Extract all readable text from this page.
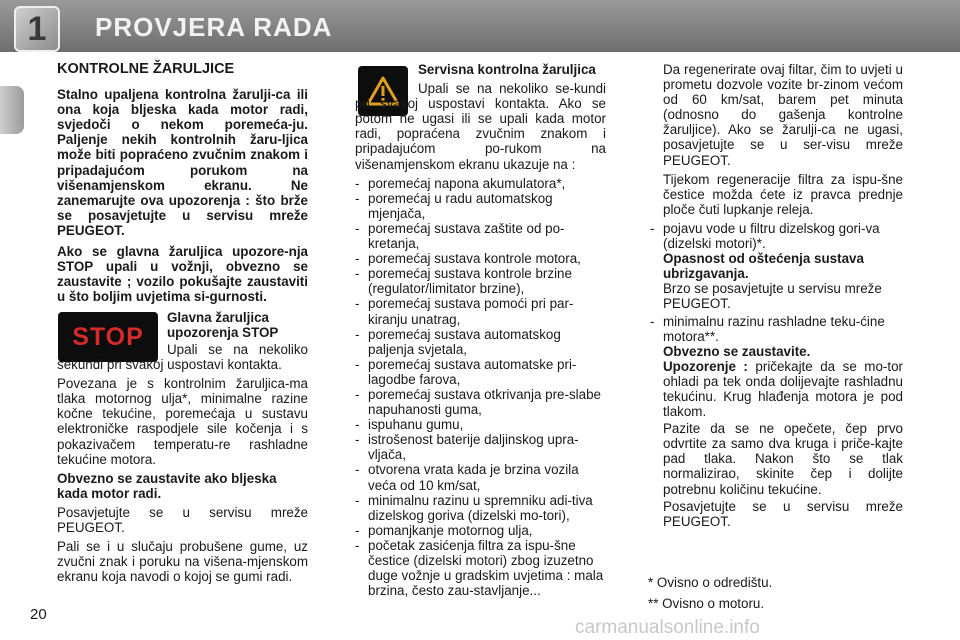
1	PROVJERA RADA
KONTROLNE ŽARULJICE

Stalno upaljena kontrolna žarulji-ca ili ona koja bljeska kada motor radi, svjedoči o nekom poremeća-ju. Paljenje nekih kontrolnih žaru-ljica može biti popraćeno zvučnim znakom i pripadajućom porukom na višenamjenskom ekranu. Ne zanemarujte ova upozorenja : što brže se posavjetujte u servisu mreže PEUGEOT.

Ako se glavna žaruljica upozore-nja STOP upali u vožnji, obvezno se zaustavite ; vozilo pokušajte zaustaviti u što boljim uvjetima si-gurnosti.

STOP

Glavna žaruljica upozorenja STOP

Upali se na nekoliko sekundi pri svakoj uspostavi kontakta.

Povezana je s kontrolnim žaruljica-ma tlaka motornog ulja*, minimalne razine kočne tekućine, poremećaja u sustavu elektroničke raspodjele sile kočenja i s pokazivačem temperatu-re rashladne tekućine motora.

Obvezno se zaustavite ako bljeska kada motor radi.

Posavjetujte se u servisu mreže PEUGEOT.

Pali se i u slučaju probušene gume, uz zvučni znak i poruku na višena-mjenskom ekranu koja navodi o kojoj se gumi radi.

Servisna kontrolna žaruljica

Upali se na nekoliko se-kundi pri svakoj uspostavi kontakta. Ako se potom ne ugasi ili se upali kada motor radi, popraćena zvučnim znakom i pripadajućom po-rukom na višenamjenskom ekranu ukazuje na :

- poremećaj napona akumulatora*,
- poremećaj u radu automatskog mjenjača,
- poremećaj sustava zaštite od po-kretanja,
- poremećaj sustava kontrole motora,
- poremećaj sustava kontrole brzine (regulator/limitator brzine),
- poremećaj sustava pomoći pri par-kiranju unatrag,
- poremećaj sustava automatskog paljenja svjetala,
- poremećaj sustava automatske pri-lagodbe farova,
- poremećaj sustava otkrivanja pre-slabe napuhanosti guma,
- ispuhanu gumu,
- istrošenost baterije daljinskog upra-vljača,
- otvorena vrata kada je brzina vozila veća od 10 km/sat,
- minimalnu razinu u spremniku adi-tiva dizelskog goriva (dizelski mo-tori),
- pomanjkanje motornog ulja,
- početak zasićenja filtra za ispu-šne čestice (dizelski motori) zbog izuzetno duge vožnje u gradskim uvjetima : mala brzina, često zau-stavljanje...

Da regenerirate ovaj filtar, čim to uvjeti u prometu dozvole vozite br-zinom većom od 60 km/sat, barem pet minuta (odnosno do gašenja kontrolne žaruljice). Ako se žarulji-ca ne ugasi, posavjetujte se u ser-visu mreže PEUGEOT.

Tijekom regeneracije filtra za ispu-šne čestice možda ćete iz pravca prednje ploče čuti lupkanje releja.

- pojavu vode u filtru dizelskog gori-va (dizelski motori)*.

Opasnost od oštećenja sustava ubrizgavanja.

Brzo se posavjetujte u servisu mreže PEUGEOT.

- minimalnu razinu rashladne teku-ćine motora**.

Obvezno se zaustavite.

Upozorenje : pričekajte da se mo-tor ohladi pa tek onda dolijevajte rashladnu tekućinu. Krug hlađenja motora je pod tlakom.

Pazite da se ne opečete, čep prvo odvrtite za samo dva kruga i priče-kajte pad tlaka. Nakon što se tlak normalizirao, skinite čep i dolijte potrebnu količinu tekućine.

Posavjetujte se u servisu mreže PEUGEOT.

* Ovisno o odredištu.
** Ovisno o motoru.
20
carmanualsonline.info
